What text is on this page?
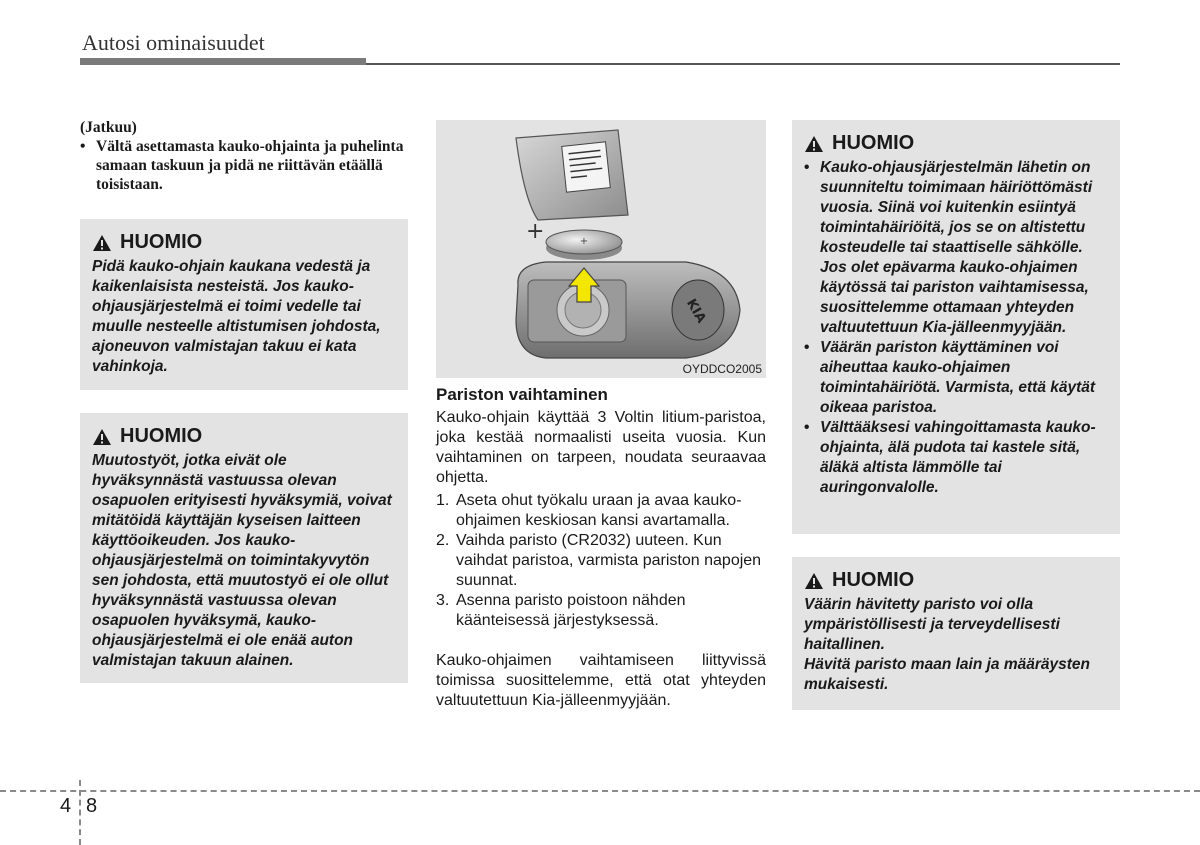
Autosi ominaisuudet
(Jatkuu)
• Vältä asettamasta kauko-ohjainta ja puhelinta samaan taskuun ja pidä ne riittävän etäällä toisistaan.
HUOMIO

Pidä kauko-ohjain kaukana vedestä ja kaikenlaisista nesteistä. Jos kauko-ohjausjärjestelmä ei toimi vedelle tai muulle nesteelle altistumisen johdosta, ajoneuvon valmistajan takuu ei kata vahinkoja.

HUOMIO

Muutostyöt, jotka eivät ole hyväksynnästä vastuussa olevan osapuolen erityisesti hyväksymiä, voivat mitätöidä käyttäjän kyseisen laitteen käyttöoikeuden. Jos kauko-ohjausjärjestelmä on toimintakyvytön sen johdosta, että muutostyö ei ole ollut hyväksynnästä vastuussa olevan osapuolen hyväksymä, kauko-ohjausjärjestelmä ei ole enää auton valmistajan takuun alainen.

+
+
KIA
OYDDCO2005
Pariston vaihtaminen

Kauko-ohjain käyttää 3 Voltin litium-paristoa, joka kestää normaalisti useita vuosia. Kun vaihtaminen on tarpeen, noudata seuraavaa ohjetta.

1. Aseta ohut työkalu uraan ja avaa kauko-ohjaimen keskiosan kansi avartamalla.
2. Vaihda paristo (CR2032) uuteen. Kun vaihdat paristoa, varmista pariston napojen suunnat.
3. Asenna paristo poistoon nähden käänteisessä järjestyksessä.

Kauko-ohjaimen vaihtamiseen liittyvissä toimissa suosittelemme, että otat yhteyden valtuutettuun Kia-jälleenmyyjään.

HUOMIO
• Kauko-ohjausjärjestelmän lähetin on suunniteltu toimimaan häiriöttömästi vuosia. Siinä voi kuitenkin esiintyä toimintahäiriöitä, jos se on altistettu kosteudelle tai staattiselle sähkölle. Jos olet epävarma kauko-ohjaimen käytössä tai pariston vaihtamisessa, suosittelemme ottamaan yhteyden valtuutettuun Kia-jälleenmyyjään.
• Väärän pariston käyttäminen voi aiheuttaa kauko-ohjaimen toimintahäiriötä. Varmista, että käytät oikeaa paristoa.
• Välttääksesi vahingoittamasta kauko-ohjainta, älä pudota tai kastele sitä, äläkä altista lämmölle tai auringonvalolle.
HUOMIO

Väärin hävitetty paristo voi olla ympäristöllisesti ja terveydellisesti haitallinen.

Hävitä paristo maan lain ja määräysten mukaisesti.

4 8
